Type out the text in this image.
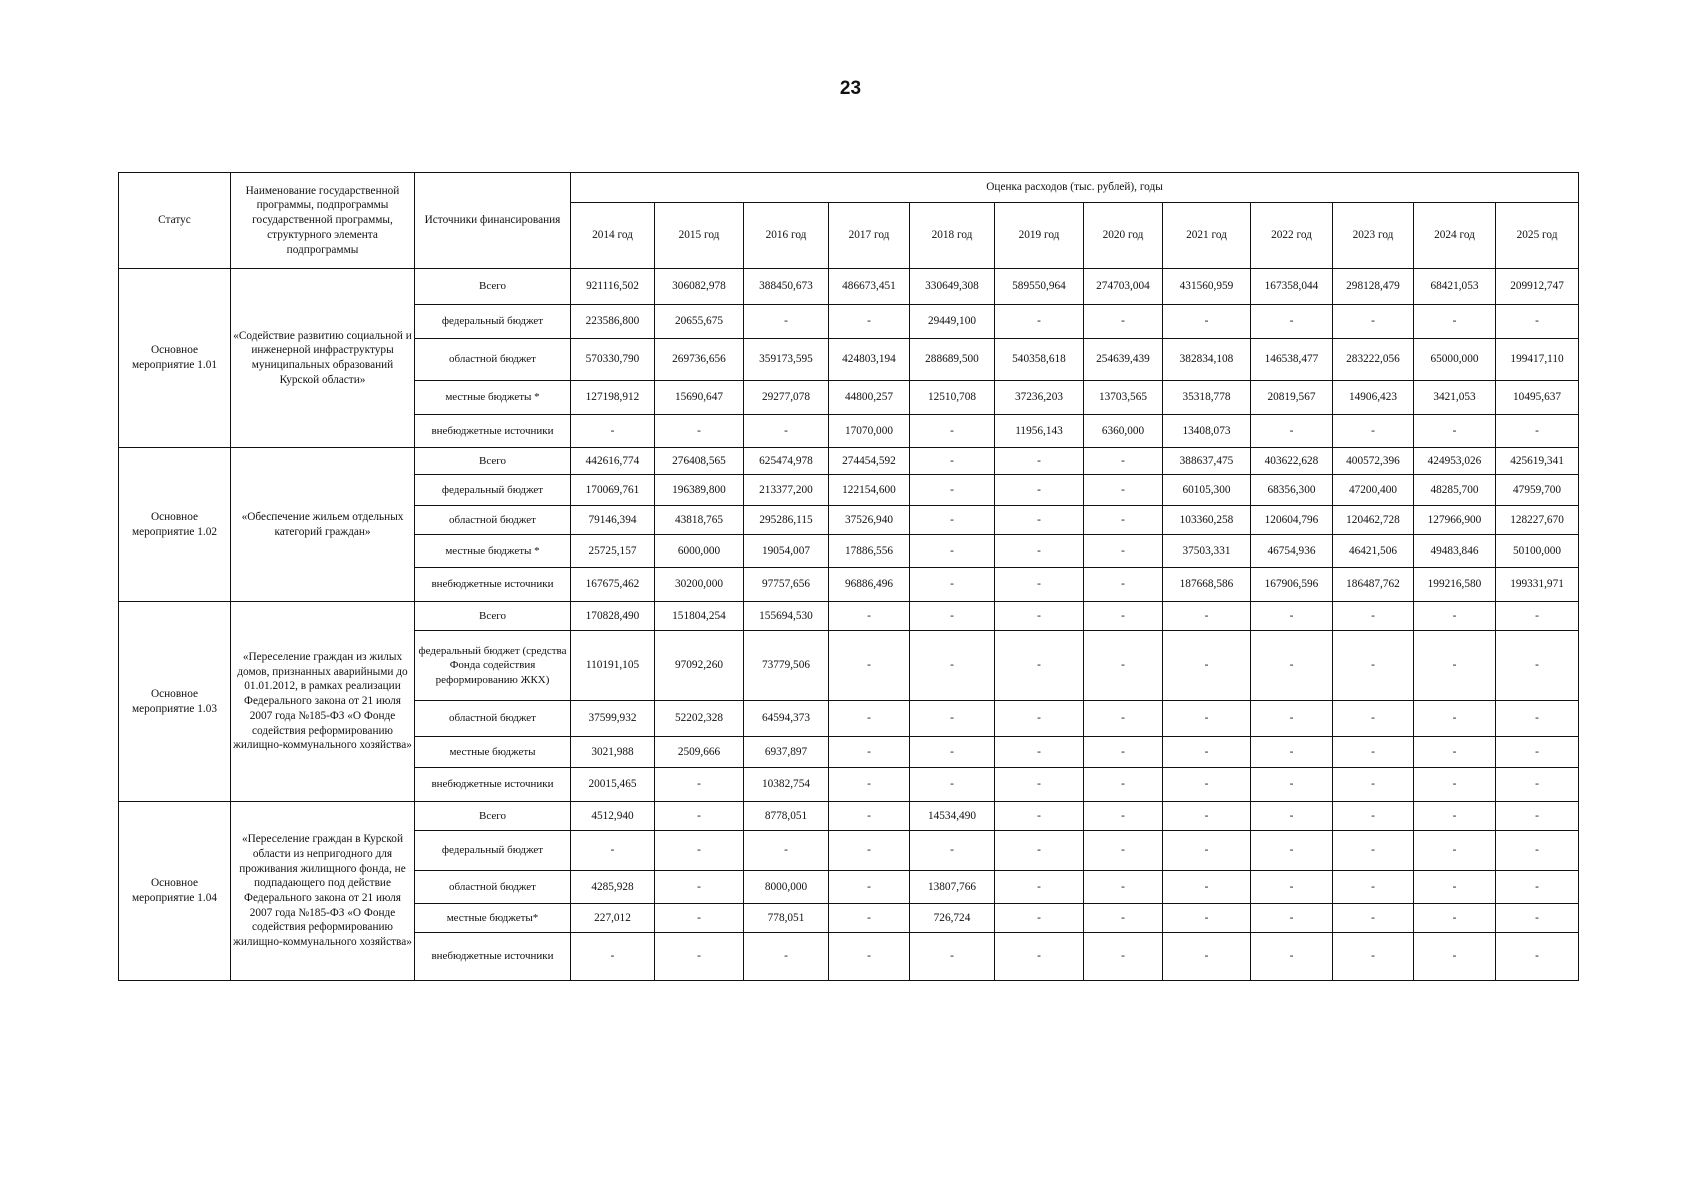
23
Статус	Наименование государственной программы, подпрограммы государственной программы, структурного элемента подпрограммы	Источники финансирования	Оценка расходов (тыс. рублей), годы											
			2014 год	2015 год	2016 год	2017 год	2018 год	2019 год	2020 год	2021 год	2022 год	2023 год	2024 год	2025 год
Основное мероприятие 1.01	«Содействие развитию социальной и инженерной инфраструктуры муниципальных образований Курской области»	Всего	921116,502	306082,978	388450,673	486673,451	330649,308	589550,964	274703,004	431560,959	167358,044	298128,479	68421,053	209912,747
		федеральный бюджет	223586,800	20655,675	-	-	29449,100	-	-	-	-	-	-	-
		областной бюджет	570330,790	269736,656	359173,595	424803,194	288689,500	540358,618	254639,439	382834,108	146538,477	283222,056	65000,000	199417,110
		местные бюджеты *	127198,912	15690,647	29277,078	44800,257	12510,708	37236,203	13703,565	35318,778	20819,567	14906,423	3421,053	10495,637
		внебюджетные источники	-	-	-	17070,000	-	11956,143	6360,000	13408,073	-	-	-	-
Основное мероприятие 1.02	«Обеспечение жильем отдельных категорий граждан»	Всего	442616,774	276408,565	625474,978	274454,592	-	-	-	388637,475	403622,628	400572,396	424953,026	425619,341
		федеральный бюджет	170069,761	196389,800	213377,200	122154,600	-	-	-	60105,300	68356,300	47200,400	48285,700	47959,700
		областной бюджет	79146,394	43818,765	295286,115	37526,940	-	-	-	103360,258	120604,796	120462,728	127966,900	128227,670
		местные бюджеты *	25725,157	6000,000	19054,007	17886,556	-	-	-	37503,331	46754,936	46421,506	49483,846	50100,000
		внебюджетные источники	167675,462	30200,000	97757,656	96886,496	-	-	-	187668,586	167906,596	186487,762	199216,580	199331,971
Основное мероприятие 1.03	«Переселение граждан из жилых домов, признанных аварийными до 01.01.2012, в рамках реализации Федерального закона от 21 июля 2007 года №185-ФЗ «О Фонде содействия реформированию жилищно-коммунального хозяйства»	Всего	170828,490	151804,254	155694,530	-	-	-	-	-	-	-	-	-
		федеральный бюджет (средства Фонда содействия реформированию ЖКХ)	110191,105	97092,260	73779,506	-	-	-	-	-	-	-	-	-
		областной бюджет	37599,932	52202,328	64594,373	-	-	-	-	-	-	-	-	-
		местные бюджеты	3021,988	2509,666	6937,897	-	-	-	-	-	-	-	-	-
		внебюджетные источники	20015,465	-	10382,754	-	-	-	-	-	-	-	-	-
Основное мероприятие 1.04	«Переселение граждан в Курской области из непригодного для проживания жилищного фонда, не подпадающего под действие Федерального закона от 21 июля 2007 года №185-ФЗ «О Фонде содействия реформированию жилищно-коммунального хозяйства»	Всего	4512,940	-	8778,051	-	14534,490	-	-	-	-	-	-	-
		федеральный бюджет	-	-	-	-	-	-	-	-	-	-	-	-
		областной бюджет	4285,928	-	8000,000	-	13807,766	-	-	-	-	-	-	-
		местные бюджеты*	227,012	-	778,051	-	726,724	-	-	-	-	-	-	-
		внебюджетные источники	-	-	-	-	-	-	-	-	-	-	-	-
